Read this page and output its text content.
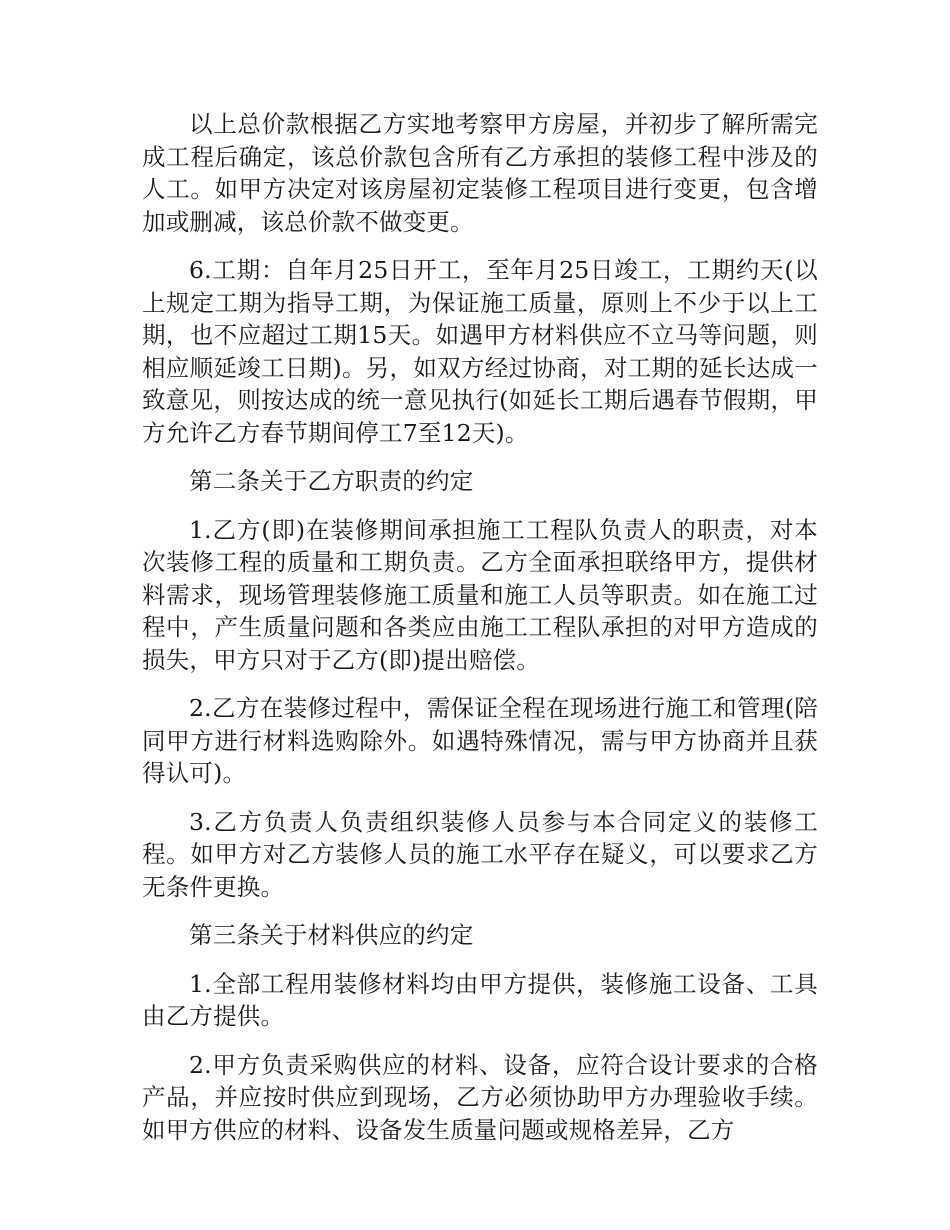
以上总价款根据乙方实地考察甲方房屋，并初步了解所需完成工程后确定，该总价款包含所有乙方承担的装修工程中涉及的人工。如甲方决定对该房屋初定装修工程项目进行变更，包含增加或删减，该总价款不做变更。

6.工期：自年月25日开工，至年月25日竣工，工期约天(以上规定工期为指导工期，为保证施工质量，原则上不少于以上工期，也不应超过工期15天。如遇甲方材料供应不立马等问题，则相应顺延竣工日期)。另，如双方经过协商，对工期的延长达成一致意见，则按达成的统一意见执行(如延长工期后遇春节假期，甲方允许乙方春节期间停工7至12天)。

第二条关于乙方职责的约定

1.乙方(即)在装修期间承担施工工程队负责人的职责，对本次装修工程的质量和工期负责。乙方全面承担联络甲方，提供材料需求，现场管理装修施工质量和施工人员等职责。如在施工过程中，产生质量问题和各类应由施工工程队承担的对甲方造成的损失，甲方只对于乙方(即)提出赔偿。

2.乙方在装修过程中，需保证全程在现场进行施工和管理(陪同甲方进行材料选购除外。如遇特殊情况，需与甲方协商并且获得认可)。

3.乙方负责人负责组织装修人员参与本合同定义的装修工程。如甲方对乙方装修人员的施工水平存在疑义，可以要求乙方无条件更换。

第三条关于材料供应的约定

1.全部工程用装修材料均由甲方提供，装修施工设备、工具由乙方提供。

2.甲方负责采购供应的材料、设备，应符合设计要求的合格产品，并应按时供应到现场，乙方必须协助甲方办理验收手续。如甲方供应的材料、设备发生质量问题或规格差异，乙方
